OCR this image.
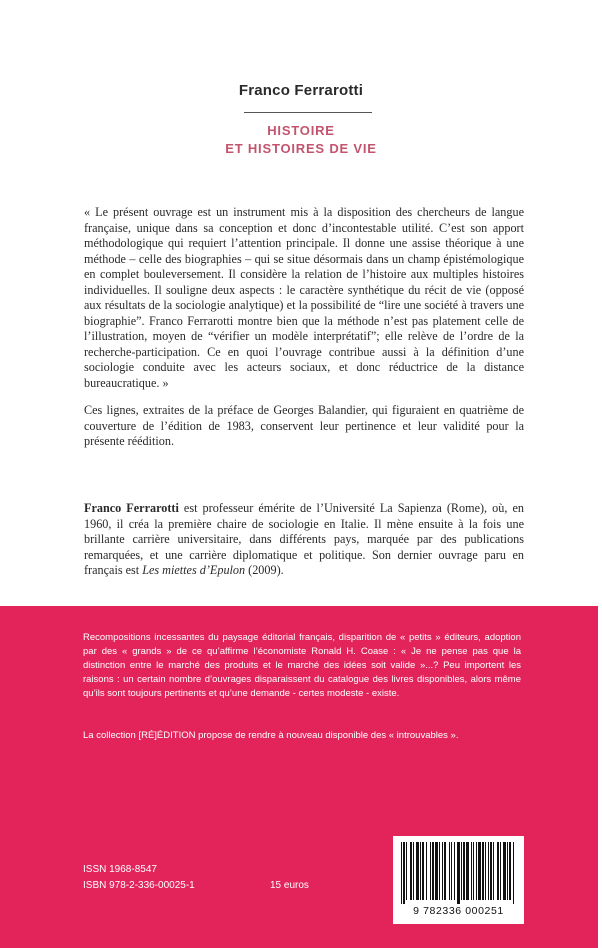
Franco Ferrarotti
HISTOIRE
ET HISTOIRES DE VIE

« Le présent ouvrage est un instrument mis à la disposition des chercheurs de langue française, unique dans sa conception et donc d’incontestable utilité. C’est son apport méthodologique qui requiert l’attention principale. Il donne une assise théorique à une méthode – celle des biographies – qui se situe désormais dans un champ épistémologique en complet bouleversement. Il considère la relation de l’histoire aux multiples histoires individuelles. Il souligne deux aspects : le caractère synthétique du récit de vie (opposé aux résultats de la sociologie analytique) et la possibilité de “lire une société à travers une biographie”. Franco Ferrarotti montre bien que la méthode n’est pas platement celle de l’illustration, moyen de “vérifier un modèle interprétatif”; elle relève de l’ordre de la recherche-participation. Ce en quoi l’ouvrage contribue aussi à la définition d’une sociologie conduite avec les acteurs sociaux, et donc réductrice de la distance bureaucratique. »

Ces lignes, extraites de la préface de Georges Balandier, qui figuraient en quatrième de couverture de l’édition de 1983, conservent leur pertinence et leur validité pour la présente réédition.

Franco Ferrarotti est professeur émérite de l’Université La Sapienza (Rome), où, en 1960, il créa la première chaire de sociologie en Italie. Il mène ensuite à la fois une brillante carrière universitaire, dans différents pays, marquée par des publications remarquées, et une carrière diplomatique et politique. Son dernier ouvrage paru en français est Les miettes d’Epulon (2009).

Recompositions incessantes du paysage éditorial français, disparition de « petits » éditeurs, adoption par des « grands » de ce qu’affirme l’économiste Ronald H. Coase : « Je ne pense pas que la distinction entre le marché des produits et le marché des idées soit valide »...? Peu importent les raisons : un certain nombre d’ouvrages disparaissent du catalogue des livres disponibles, alors même qu’ils sont toujours pertinents et qu’une demande - certes modeste - existe.

La collection [RÉ]ÉDITION propose de rendre à nouveau disponible des « introuvables ».

ISSN 1968-8547
ISBN 978-2-336-00025-1	15 euros
9 782336 000251
